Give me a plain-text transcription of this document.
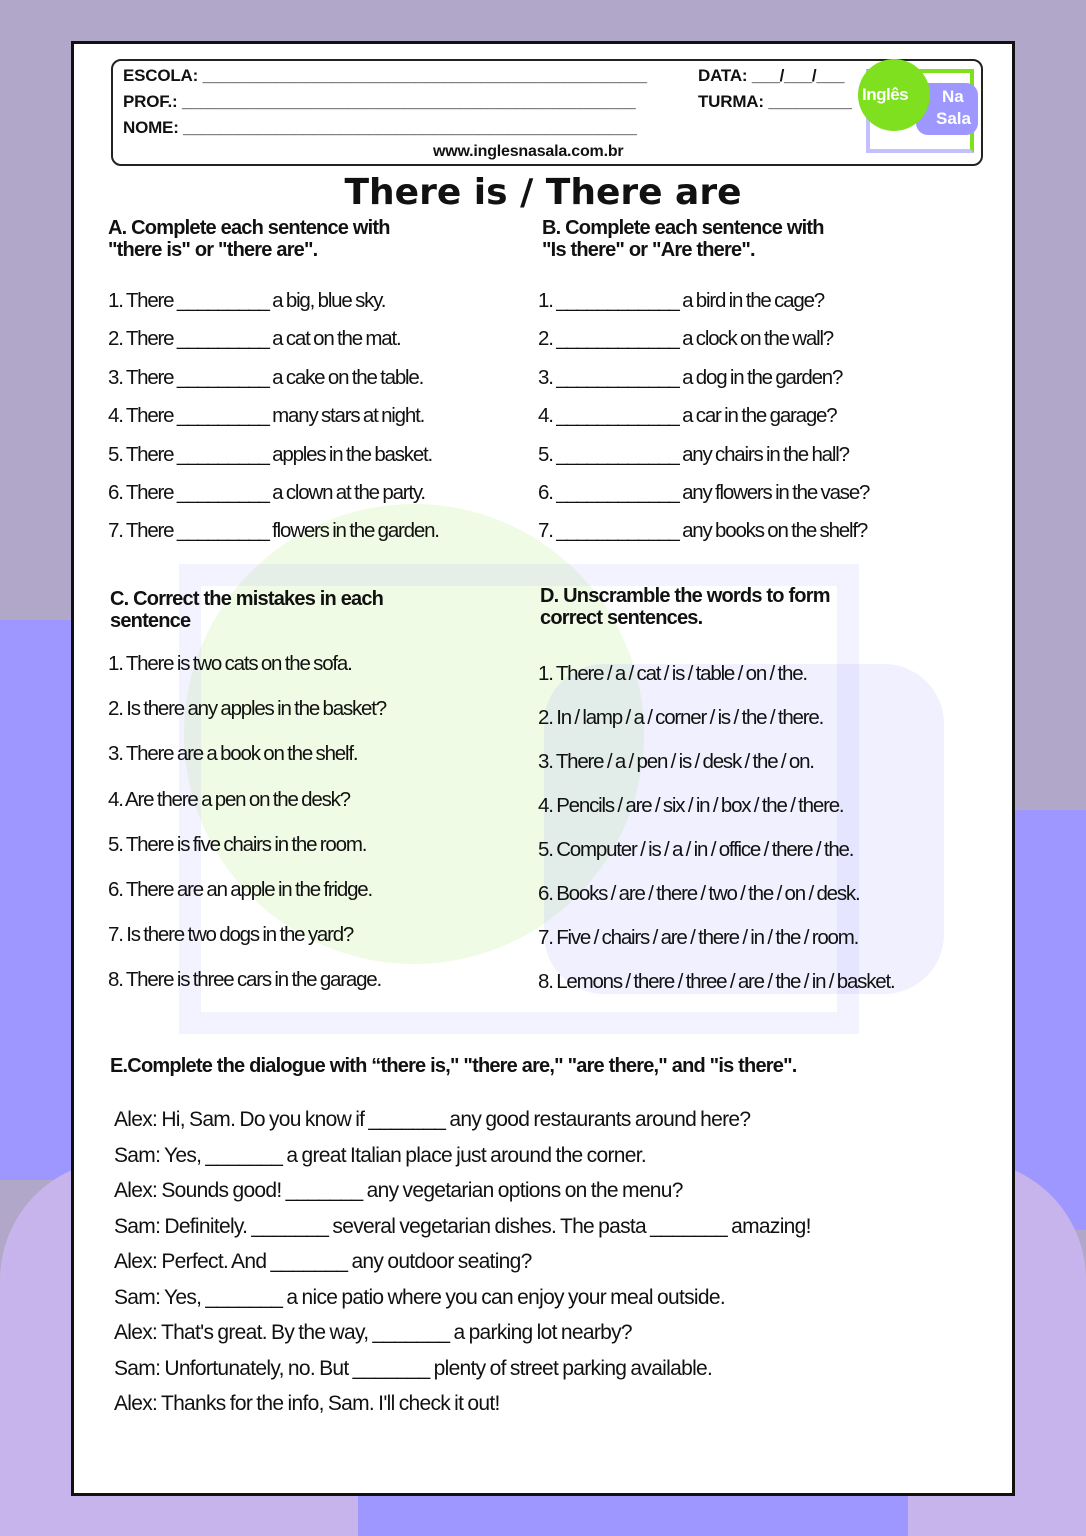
ESCOLA: ________________________________________________	DATA: ___/___/___
PROF.: _________________________________________________	TURMA: _________
NOME: _________________________________________________
www.inglesnasala.com.br
Inglês Na
Sala
There is / There are
A. Complete each sentence with
"there is" or "there are".
B. Complete each sentence with
"Is there" or "Are there".
C. Correct the mistakes in each
sentence
D. Unscramble the words to form
correct sentences.
E.Complete the dialogue with “there is," "there are," "are there," and "is there".
1. There _________ a big, blue sky.
2. There _________ a cat on the mat.
3. There _________ a cake on the table.
4. There _________ many stars at night.
5. There _________ apples in the basket.
6. There _________ a clown at the party.
7. There _________ flowers in the garden.
1. ____________ a bird in the cage?
2. ____________ a clock on the wall?
3. ____________ a dog in the garden?
4. ____________ a car in the garage?
5. ____________ any chairs in the hall?
6. ____________ any flowers in the vase?
7. ____________ any books on the shelf?
1. There is two cats on the sofa.
2. Is there any apples in the basket?
3. There are a book on the shelf.
4. Are there a pen on the desk?
5. There is five chairs in the room.
6. There are an apple in the fridge.
7. Is there two dogs in the yard?
8. There is three cars in the garage.
1. There / a / cat / is / table / on / the.
2. In / lamp / a / corner / is / the / there.
3. There / a / pen / is / desk / the / on.
4. Pencils / are / six / in / box / the / there.
5. Computer / is / a / in / office / there / the.
6. Books / are / there / two / the / on / desk.
7. Five / chairs / are / there / in / the / room.
8. Lemons / there / three / are / the / in / basket.
Alex: Hi, Sam. Do you know if _______ any good restaurants around here?
Sam: Yes, _______ a great Italian place just around the corner.
Alex: Sounds good! _______ any vegetarian options on the menu?
Sam: Definitely. _______ several vegetarian dishes. The pasta _______ amazing!
Alex: Perfect. And _______ any outdoor seating?
Sam: Yes, _______ a nice patio where you can enjoy your meal outside.
Alex: That's great. By the way, _______ a parking lot nearby?
Sam: Unfortunately, no. But _______ plenty of street parking available.
Alex: Thanks for the info, Sam. I'll check it out!
